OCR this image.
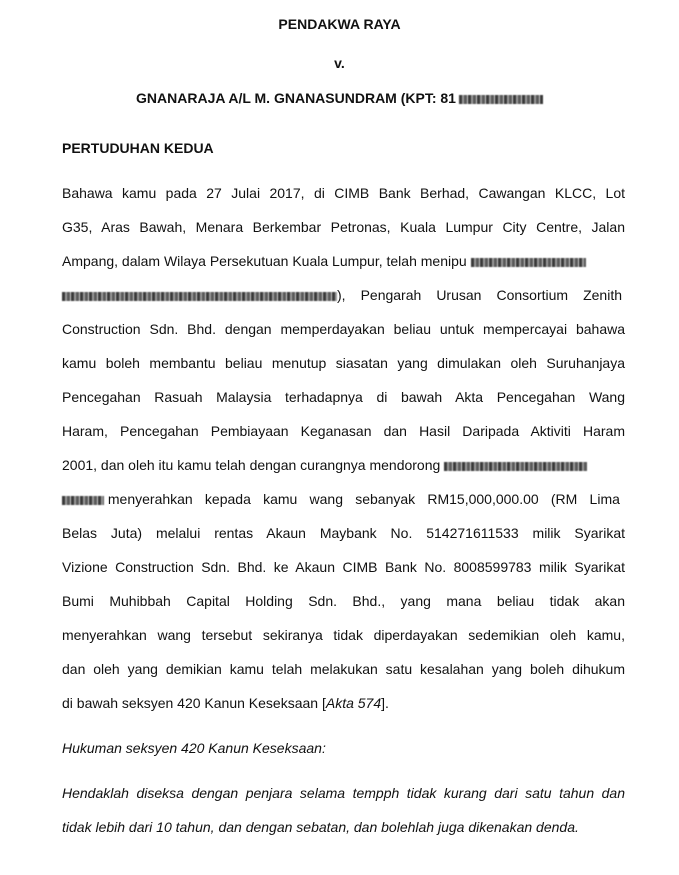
PENDAKWA RAYA
v.
GNANARAJA A/L M. GNANASUNDRAM (KPT: 81
PERTUDUHAN KEDUA
Bahawa kamu pada 27 Julai 2017, di CIMB Bank Berhad, Cawangan KLCC, Lot
G35, Aras Bawah, Menara Berkembar Petronas, Kuala Lumpur City Centre, Jalan
Ampang, dalam Wilaya Persekutuan Kuala Lumpur, telah menipu
), Pengarah Urusan Consortium Zenith
Construction Sdn. Bhd. dengan memperdayakan beliau untuk mempercayai bahawa
kamu boleh membantu beliau menutup siasatan yang dimulakan oleh Suruhanjaya
Pencegahan Rasuah Malaysia terhadapnya di bawah Akta Pencegahan Wang
Haram, Pencegahan Pembiayaan Keganasan dan Hasil Daripada Aktiviti Haram
2001, dan oleh itu kamu telah dengan curangnya mendorong
menyerahkan kepada kamu wang sebanyak RM15,000,000.00 (RM Lima
Belas Juta) melalui rentas Akaun Maybank No. 514271611533 milik Syarikat
Vizione Construction Sdn. Bhd. ke Akaun CIMB Bank No. 8008599783 milik Syarikat
Bumi Muhibbah Capital Holding Sdn. Bhd., yang mana beliau tidak akan
menyerahkan wang tersebut sekiranya tidak diperdayakan sedemikian oleh kamu,
dan oleh yang demikian kamu telah melakukan satu kesalahan yang boleh dihukum
di bawah seksyen 420 Kanun Keseksaan [Akta 574].
Hukuman seksyen 420 Kanun Keseksaan:
Hendaklah diseksa dengan penjara selama tempph tidak kurang dari satu tahun dan
tidak lebih dari 10 tahun, dan dengan sebatan, dan bolehlah juga dikenakan denda.
